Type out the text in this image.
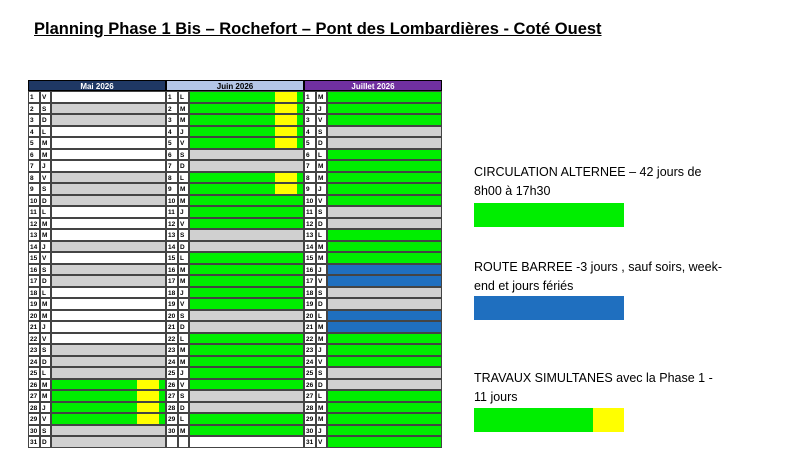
Planning Phase 1 Bis – Rochefort – Pont des Lombardières - Coté Ouest
Mai 2026
1	V
2	S
3	D
4	L
5	M
6	M
7	J
8	V
9	S
10 D
11 L
12 M
13 M
14 J
15 V
16 S
17 D
18 L
19 M
20 M
21 J
22 V
23 S
24 D
25 L
26 M
27 M
28 J
29 V
30 S
31 D
Juin 2026
1	L
2	M
3	M
4	J
5	V
6	S
7	D
8	L
9	M
10 M
11 J
12 V
13 S
14 D
15 L
16 M
17 M
18 J
19 V
20 S
21 D
22 L
23 M
24 M
25 J
26 V
27 S
28 D
29 L
30 M
Juillet 2026
1	M
2	J
3	V
4	S
5	D
6	L
7	M
8	M
9	J
10 V
11 S
12 D
13 L
14 M
15 M
16 J
17 V
18 S
19 D
20 L
21 M
22 M
23 J
24 V
25 S
26 D
27 L
28 M
29 M
30 J
31 V
CIRCULATION ALTERNEE – 42 jours de 8h00 à 17h30
ROUTE BARREE -3 jours , sauf soirs, week-end et jours fériés
TRAVAUX SIMULTANES avec la Phase 1 - 11 jours
